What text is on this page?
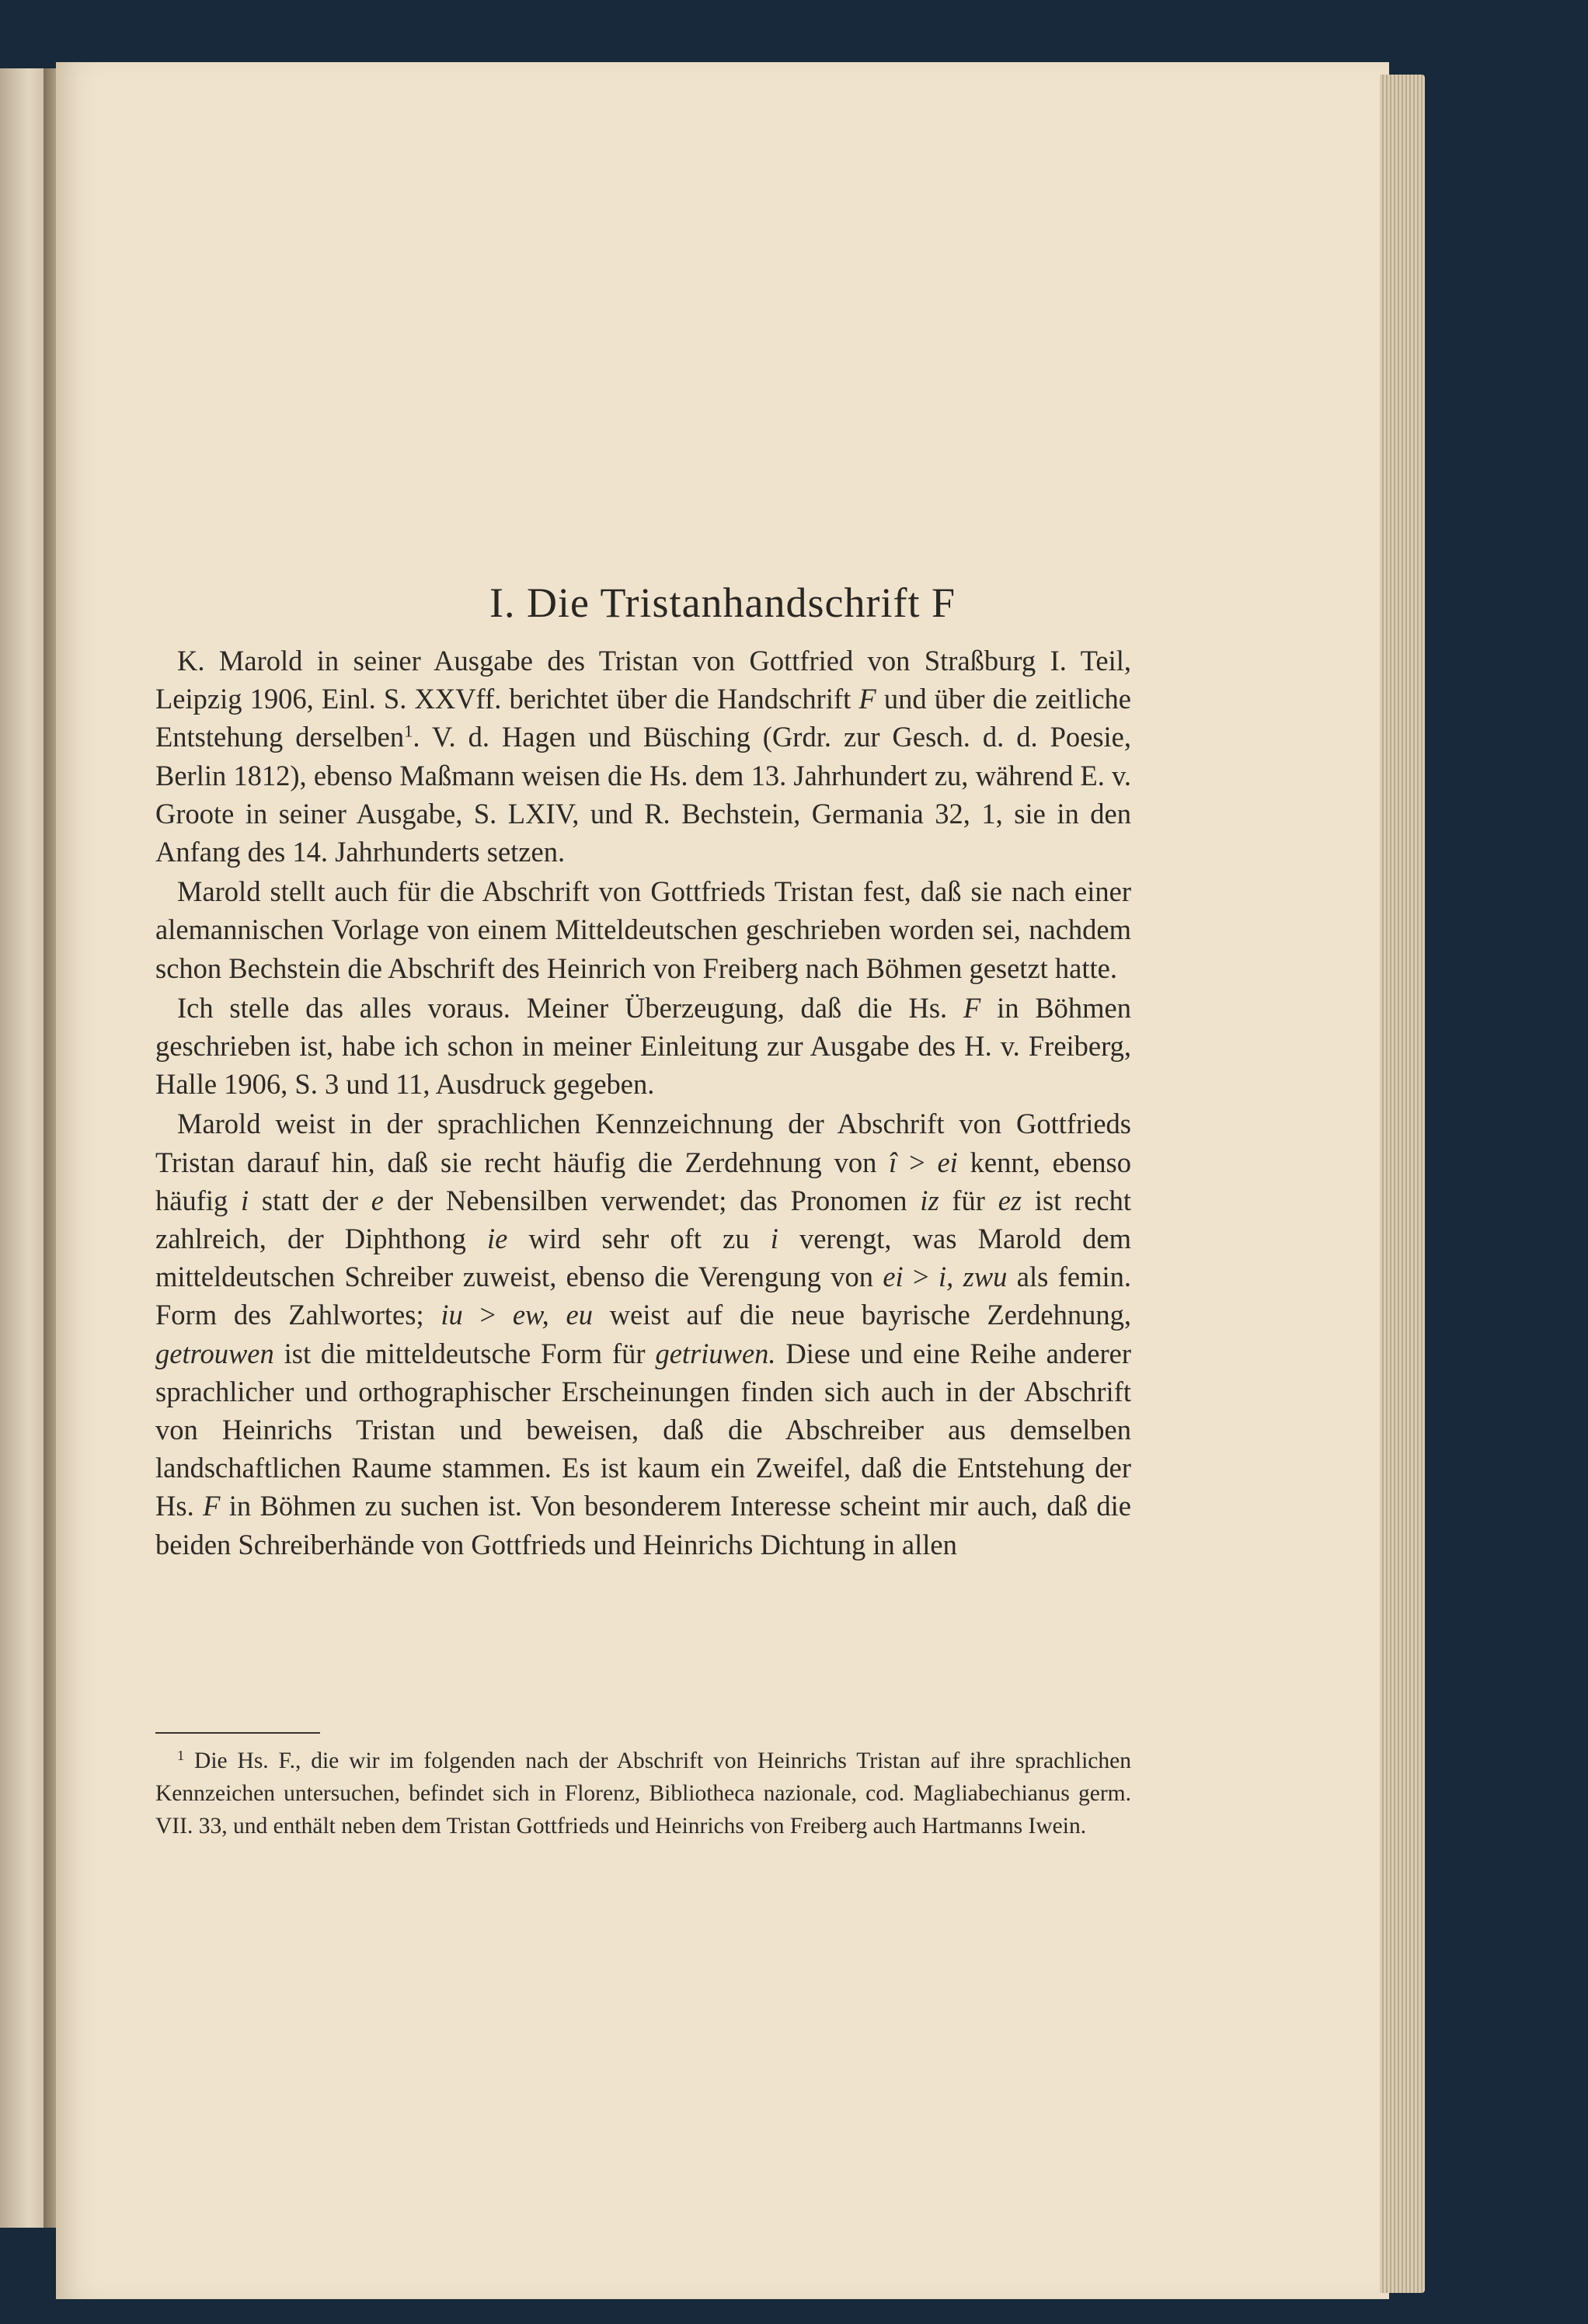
I. Die Tristanhandschrift F

K. Marold in seiner Ausgabe des Tristan von Gottfried von Straßburg I. Teil, Leipzig 1906, Einl. S. XXVff. berichtet über die Handschrift F und über die zeitliche Entstehung derselben$^1$. V. d. Hagen und Büsching (Grdr. zur Gesch. d. d. Poesie, Berlin 1812), ebenso Maßmann weisen die Hs. dem 13. Jahrhundert zu, während E. v. Groote in seiner Ausgabe, S. LXIV, und R. Bechstein, Germania 32, 1, sie in den Anfang des 14. Jahrhunderts setzen.

Marold stellt auch für die Abschrift von Gottfrieds Tristan fest, daß sie nach einer alemannischen Vorlage von einem Mitteldeutschen geschrieben worden sei, nachdem schon Bechstein die Abschrift des Heinrich von Freiberg nach Böhmen gesetzt hatte.

Ich stelle das alles voraus. Meiner Überzeugung, daß die Hs. F in Böhmen geschrieben ist, habe ich schon in meiner Einleitung zur Ausgabe des H. v. Freiberg, Halle 1906, S. 3 und 11, Ausdruck gegeben.

Marold weist in der sprachlichen Kennzeichnung der Abschrift von Gottfrieds Tristan darauf hin, daß sie recht häufig die Zerdehnung von î > ei kennt, ebenso häufig i statt der e der Nebensilben verwendet; das Pronomen iz für ez ist recht zahlreich, der Diphthong ie wird sehr oft zu i verengt, was Marold dem mitteldeutschen Schreiber zuweist, ebenso die Verengung von ei > i, zwu als femin. Form des Zahlwortes; iu > ew, eu weist auf die neue bayrische Zerdehnung, getrouwen ist die mitteldeutsche Form für getriuwen. Diese und eine Reihe anderer sprachlicher und orthographischer Erscheinungen finden sich auch in der Abschrift von Heinrichs Tristan und beweisen, daß die Abschreiber aus demselben landschaftlichen Raume stammen. Es ist kaum ein Zweifel, daß die Entstehung der Hs. F in Böhmen zu suchen ist. Von besonderem Interesse scheint mir auch, daß die beiden Schreiberhände von Gottfrieds und Heinrichs Dichtung in allen

$^1$ Die Hs. F., die wir im folgenden nach der Abschrift von Heinrichs Tristan auf ihre sprachlichen Kennzeichen untersuchen, befindet sich in Florenz, Bibliotheca nazionale, cod. Magliabechianus germ. VII. 33, und enthält neben dem Tristan Gottfrieds und Heinrichs von Freiberg auch Hartmanns Iwein.
